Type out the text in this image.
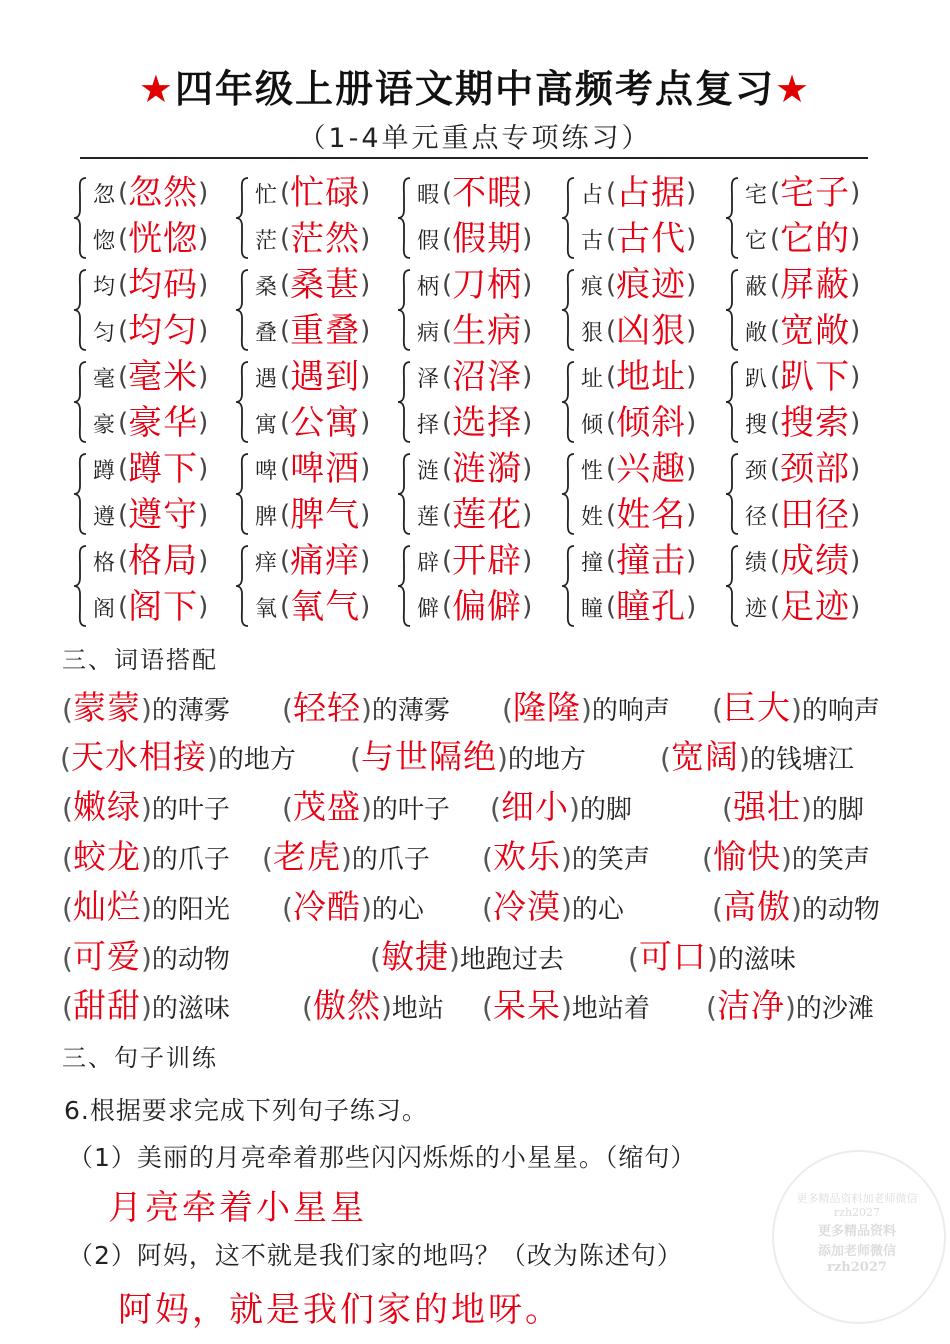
★四年级上册语文期中高频考点复习★
（1-4单元重点专项练习）
忽 ( 忽然 )
惚 ( 恍惚 )
忙 ( 忙碌 )
茫 ( 茫然 )
暇 ( 不暇 )
假 ( 假期 )
占 ( 占据 )
古 ( 古代 )
宅 ( 宅子 )
它 ( 它的 )
均 ( 均码 )
匀 ( 均匀 )
桑 ( 桑葚 )
叠 ( 重叠 )
柄 ( 刀柄 )
病 ( 生病 )
痕 ( 痕迹 )
狠 ( 凶狠 )
蔽 ( 屏蔽 )
敞 ( 宽敞 )
毫 ( 毫米 )
豪 ( 豪华 )
遇 ( 遇到 )
寓 ( 公寓 )
泽 ( 沼泽 )
择 ( 选择 )
址 ( 地址 )
倾 ( 倾斜 )
趴 ( 趴下 )
搜 ( 搜索 )
蹲 ( 蹲下 )
遵 ( 遵守 )
啤 ( 啤酒 )
脾 ( 脾气 )
涟 ( 涟漪 )
莲 ( 莲花 )
性 ( 兴趣 )
姓 ( 姓名 )
颈 ( 颈部 )
径 ( 田径 )
格 ( 格局 )
阁 ( 阁下 )
痒 ( 痛痒 )
氧 ( 氧气 )
辟 ( 开辟 )
僻 ( 偏僻 )
撞 ( 撞击 )
瞳 ( 瞳孔 )
绩 ( 成绩 )
迹 ( 足迹 )
三、词语搭配
( 蒙蒙 ) 的薄雾 ( 轻轻 ) 的薄雾 ( 隆隆 ) 的响声 ( 巨大 ) 的响声
( 天水相接 ) 的地方 ( 与世隔绝 ) 的地方	( 宽阔 ) 的钱塘江
( 嫩绿 ) 的叶子 ( 茂盛 ) 的叶子 ( 细小 ) 的脚	( 强壮 ) 的脚
( 蛟龙 ) 的爪子 ( 老虎 ) 的爪子 ( 欢乐 ) 的笑声 ( 愉快 ) 的笑声
( 灿烂 ) 的阳光 ( 冷酷 ) 的心 ( 冷漠 ) 的心	( 高傲 ) 的动物
( 可爱 ) 的动物	( 敏捷 ) 地跑过去 ( 可口 ) 的滋味
( 甜甜 ) 的滋味	( 傲然 ) 地站 ( 呆呆 ) 地站着 ( 洁净 ) 的沙滩
三、句子训练
6.根据要求完成下列句子练习。
（1）美丽的月亮牵着那些闪闪烁烁的小星星。（缩句）
月亮牵着小星星
（2）阿妈，这不就是我们家的地吗？（改为陈述句）
阿妈，就是我们家的地呀。
更多精品资料加老师微信rzh2027
更多精品资料
添加老师微信
rzh2027
